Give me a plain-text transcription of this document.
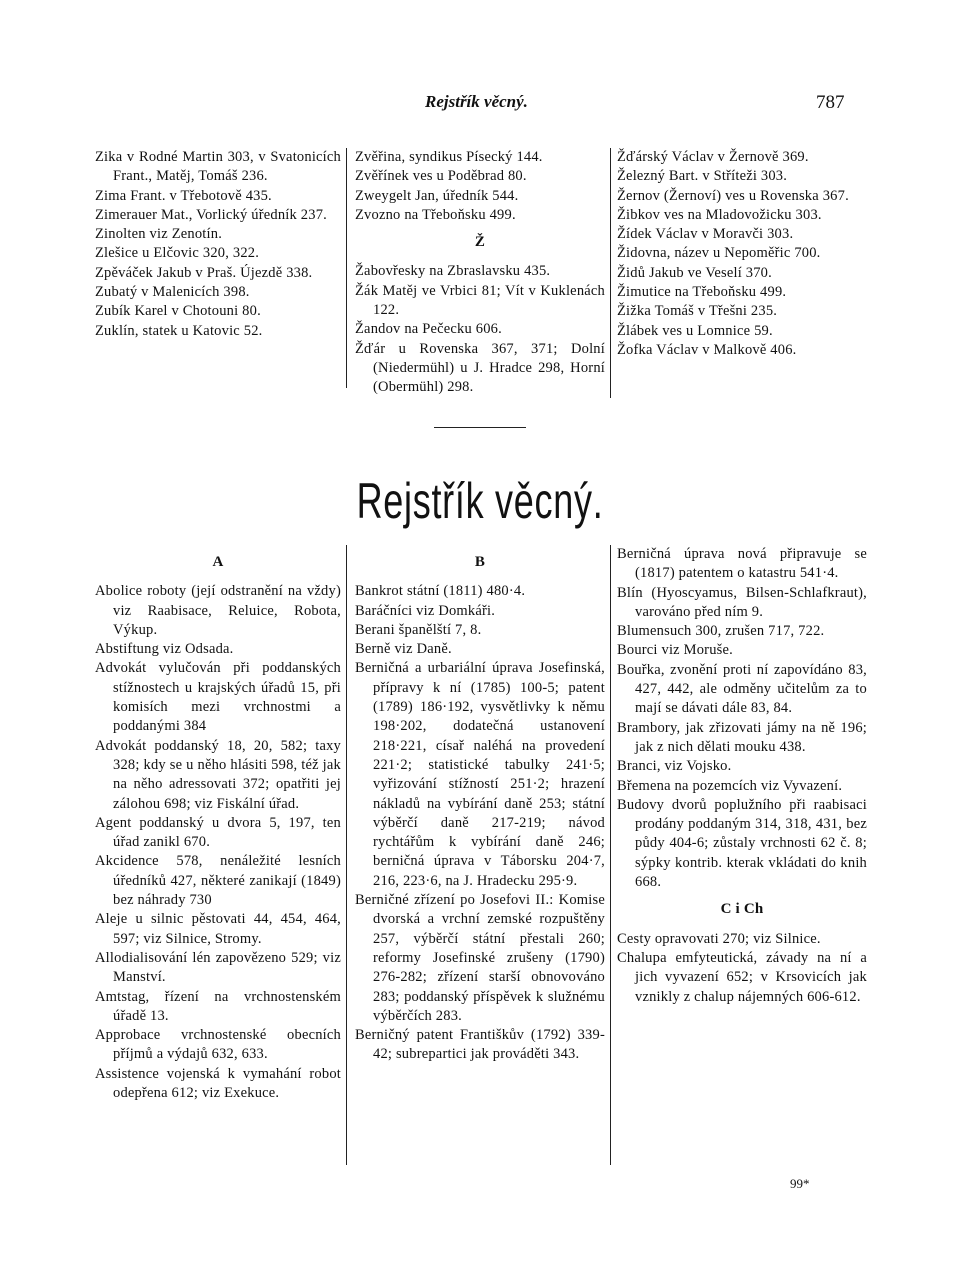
Rejstřík věcný.	787

Zika v Rodné Martin 303, v Svatonicích Frant., Matěj, Tomáš 236.

Zima Frant. v Třebotově 435.

Zimerauer Mat., Vorlický úředník 237.

Zinolten viz Zenotín.

Zlešice u Elčovic 320, 322.

Zpěváček Jakub v Praš. Újezdě 338.

Zubatý v Malenicích 398.

Zubík Karel v Chotouni 80.

Zuklín, statek u Katovic 52.

Zvěřina, syndikus Písecký 144.

Zvěřínek ves u Poděbrad 80.

Zweygelt Jan, úředník 544.

Zvozno na Třeboňsku 499.

Ž

Žabovřesky na Zbraslavsku 435.

Žák Matěj ve Vrbici 81; Vít v Kuklenách 122.

Žandov na Pečecku 606.

Žďár u Rovenska 367, 371; Dolní (Niedermühl) u J. Hradce 298, Horní (Obermühl) 298.

Žďárský Václav v Žernově 369.

Železný Bart. v Stříteži 303.

Žernov (Žernoví) ves u Rovenska 367.

Žibkov ves na Mladovožicku 303.

Žídek Václav v Moravči 303.

Židovna, název u Nepoměřic 700.

Židů Jakub ve Veselí 370.

Žimutice na Třeboňsku 499.

Žižka Tomáš v Třešni 235.

Žlábek ves u Lomnice 59.

Žofka Václav v Malkově 406.

Rejstřík věcný.
A

Abolice roboty (její odstranění na vždy) viz Raabisace, Reluice, Robota, Výkup.

Abstiftung viz Odsada.

Advokát vylučován při poddanských stížnostech u krajských úřadů 15, při komisích mezi vrchnostmi a poddanými 384

Advokát poddanský 18, 20, 582; taxy 328; kdy se u něho hlásiti 598, též jak na něho adressovati 372; opatřiti jej zálohou 698; viz Fiskální úřad.

Agent poddanský u dvora 5, 197, ten úřad zanikl 670.

Akcidence 578, nenáležité lesních úředníků 427, některé zanikají (1849) bez náhrady 730

Aleje u silnic pěstovati 44, 454, 464, 597; viz Silnice, Stromy.

Allodialisování lén zapovězeno 529; viz Manství.

Amtstag, řízení na vrchnostenském úřadě 13.

Approbace vrchnostenské obecních příjmů a výdajů 632, 633.

Assistence vojenská k vymahání robot odepřena 612; viz Exekuce.

B

Bankrot státní (1811) 480·4.

Baráčníci viz Domkáři.

Berani španělští 7, 8.

Berně viz Daně.

Berničná a urbariální úprava Josefinská, přípravy k ní (1785) 100-5; patent (1789) 186·192, vysvětlivky k němu 198·202, dodatečná ustanovení 218·221, císař naléhá na provedení 221·2; statistické tabulky 241·5; vyřizování stížností 251·2; hrazení nákladů na vybírání daně 253; státní výběrčí daně 217-219; návod rychtářům k vybírání daně 246; berničná úprava v Táborsku 204·7, 216, 223·6, na J. Hradecku 295·9.

Berničné zřízení po Josefovi II.: Komise dvorská a vrchní zemské rozpuštěny 257, výběrčí státní přestali 260; reformy Josefinské zrušeny (1790) 276-282; zřízení starší obnovováno 283; poddanský příspěvek k služnému výběrčích 283.

Berničný patent Františkův (1792) 339-42; subrepartici jak prováděti 343.

Berničná úprava nová připravuje se (1817) patentem o katastru 541·4.

Blín (Hyoscyamus, Bilsen-Schlafkraut), varováno před ním 9.

Blumensuch 300, zrušen 717, 722.

Bourci viz Moruše.

Bouřka, zvonění proti ní zapovídáno 83, 427, 442, ale odměny učitelům za to mají se dávati dále 83, 84.

Brambory, jak zřizovati jámy na ně 196; jak z nich dělati mouku 438.

Branci, viz Vojsko.

Břemena na pozemcích viz Vyvazení.

Budovy dvorů poplužního při raabisaci prodány poddaným 314, 318, 431, bez půdy 404-6; zůstaly vrchnosti 62 č. 8; sýpky kontrib. kterak vkládati do knih 668.

C i Ch

Cesty opravovati 270; viz Silnice.

Chalupa emfyteutická, závady na ní a jich vyvazení 652; v Krsovicích jak vznikly z chalup nájemných 606-612.

99*
